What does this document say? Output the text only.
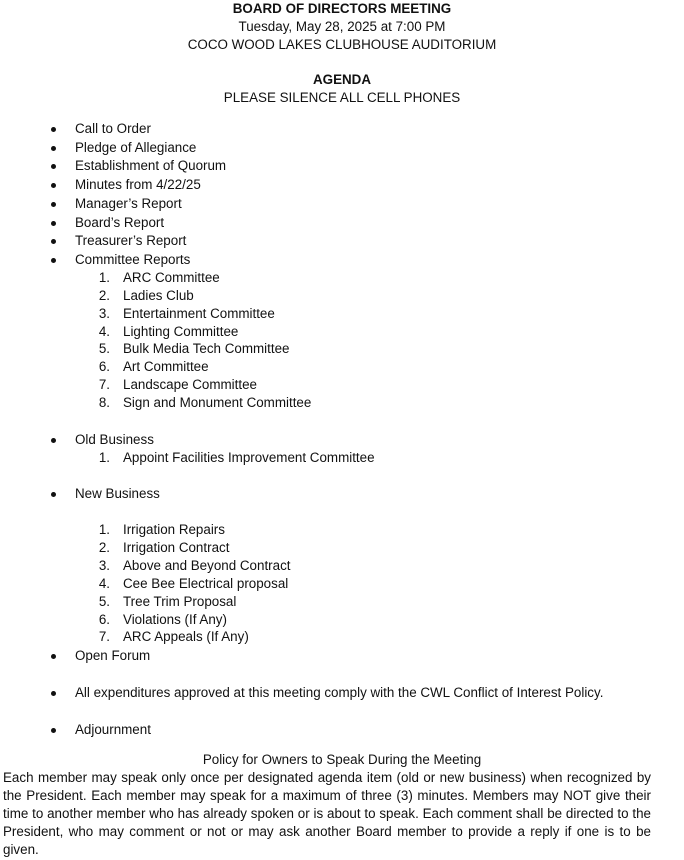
BOARD OF DIRECTORS MEETING
Tuesday, May 28, 2025 at 7:00 PM
COCO WOOD LAKES CLUBHOUSE AUDITORIUM
AGENDA
PLEASE SILENCE ALL CELL PHONES
Call to Order
Pledge of Allegiance
Establishment of Quorum
Minutes from 4/22/25
Manager’s Report
Board’s Report
Treasurer’s Report
Committee Reports
1. ARC Committee
2. Ladies Club
3. Entertainment Committee
4. Lighting Committee
5. Bulk Media Tech Committee
6. Art Committee
7. Landscape Committee
8. Sign and Monument Committee
Old Business
1. Appoint Facilities Improvement Committee
New Business
1. Irrigation Repairs
2. Irrigation Contract
3. Above and Beyond Contract
4. Cee Bee Electrical proposal
5. Tree Trim Proposal
6. Violations (If Any)
7. ARC Appeals (If Any)
Open Forum
All expenditures approved at this meeting comply with the CWL Conflict of Interest Policy.
Adjournment
Policy for Owners to Speak During the Meeting
Each member may speak only once per designated agenda item (old or new business) when recognized by the President. Each member may speak for a maximum of three (3) minutes. Members may NOT give their time to another member who has already spoken or is about to speak. Each comment shall be directed to the President, who may comment or not or may ask another Board member to provide a reply if one is to be given.
